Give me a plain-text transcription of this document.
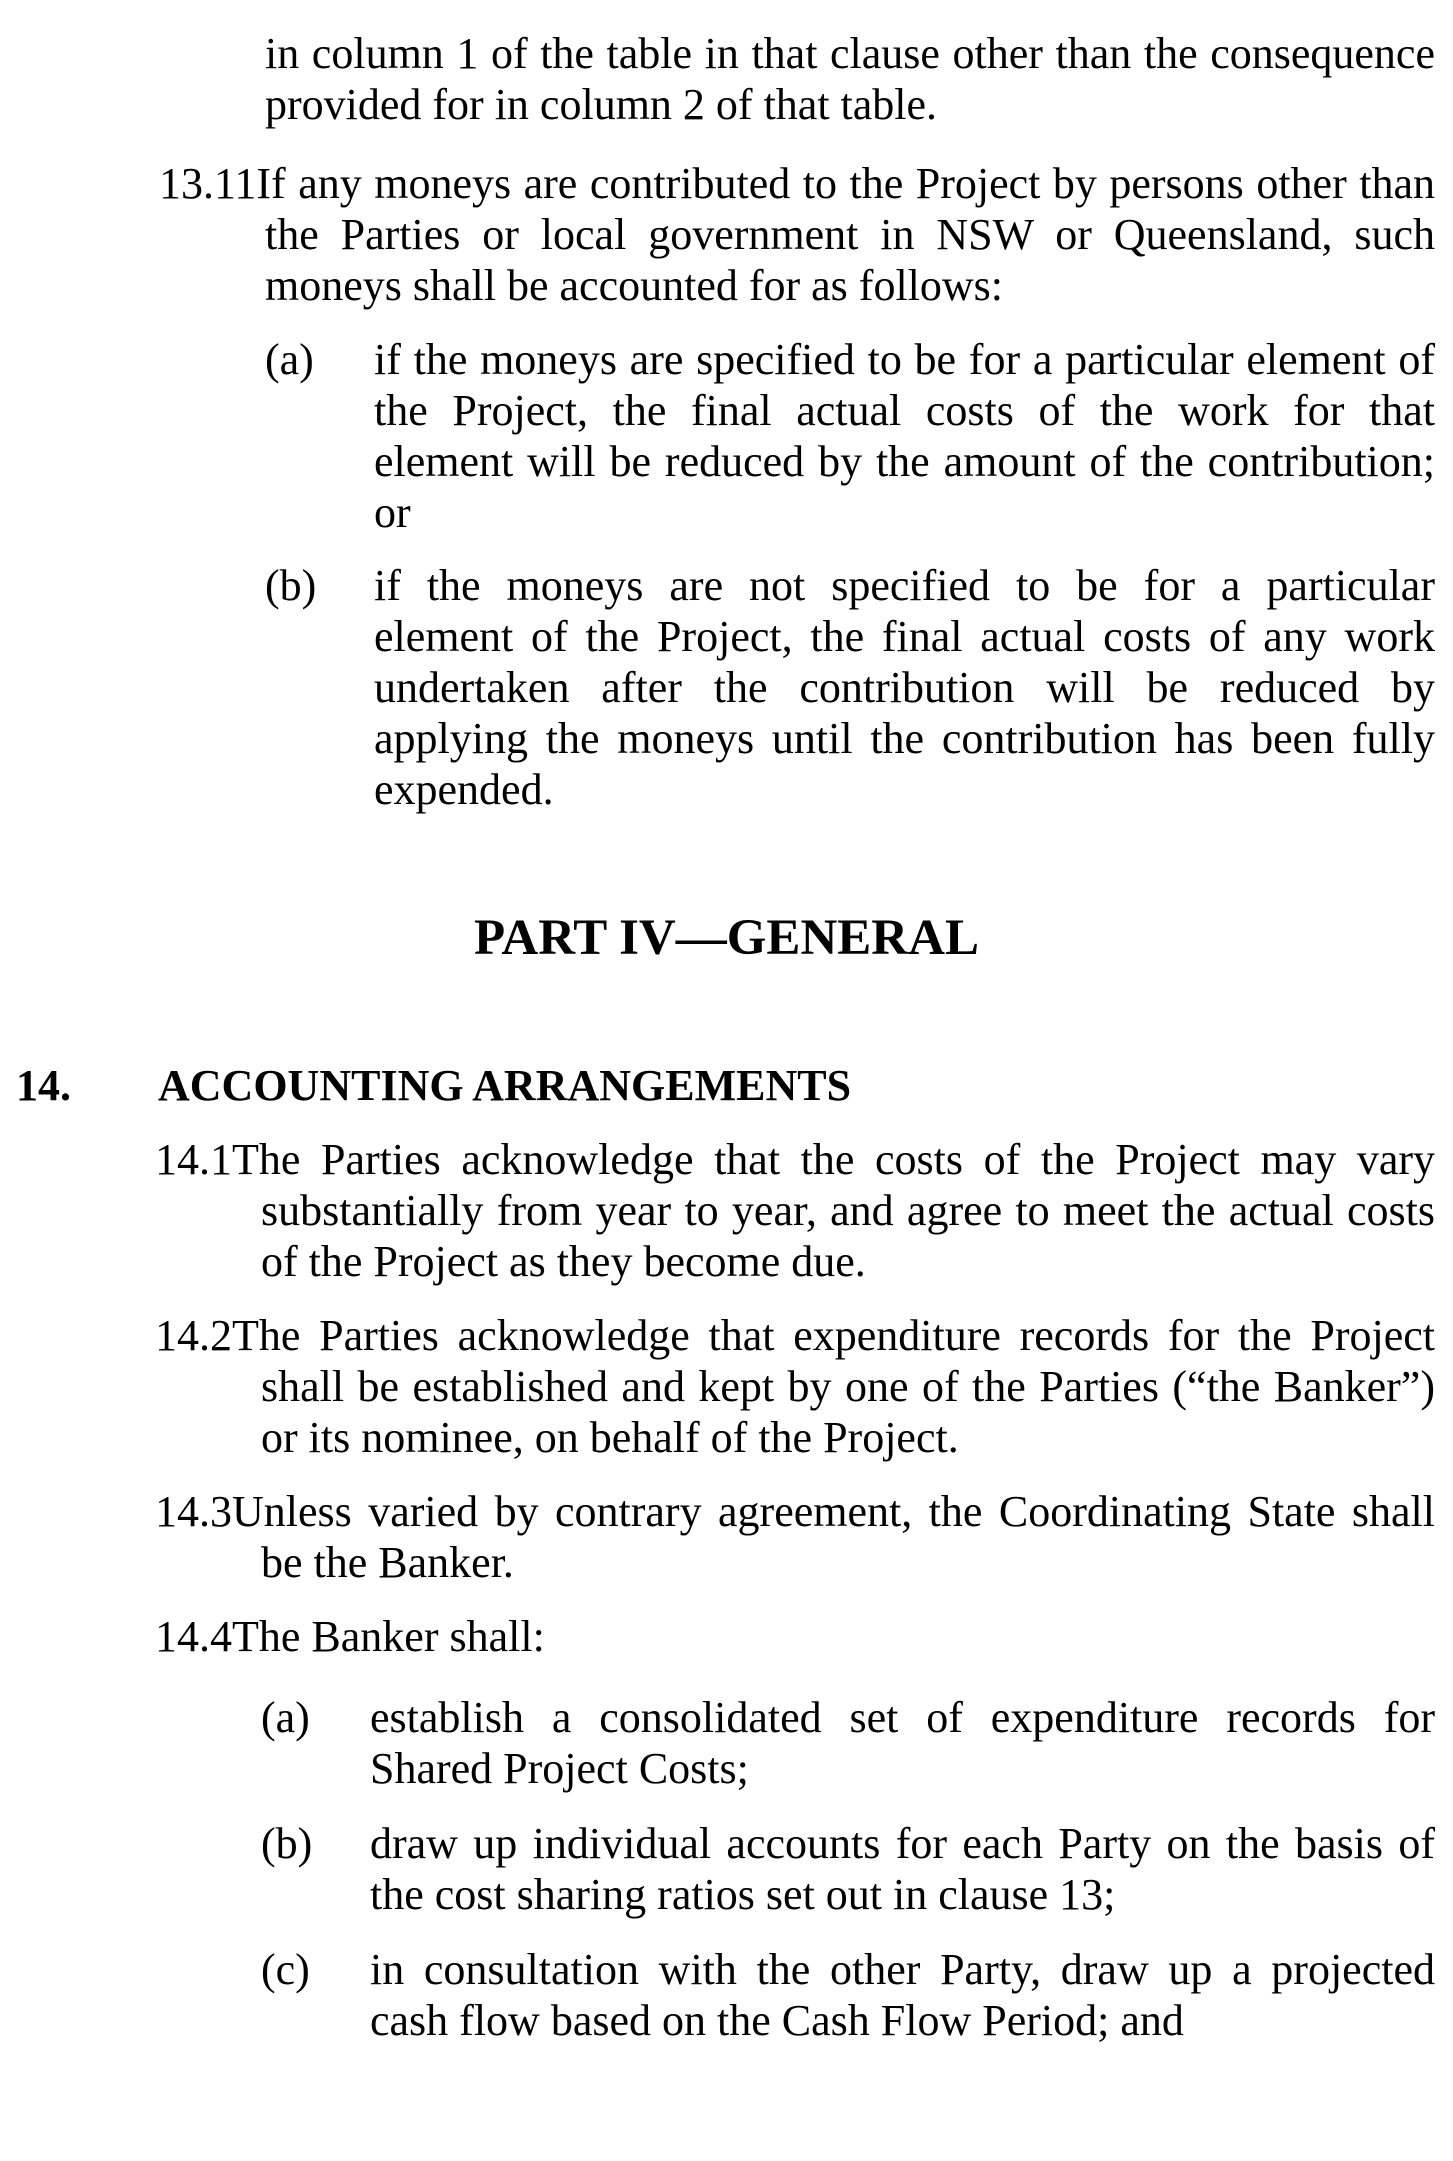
in column 1 of the table in that clause other than the consequence provided for in column 2 of that table.
13.11If any moneys are contributed to the Project by persons other than the Parties or local government in NSW or Queensland, such moneys shall be accounted for as follows:
(a) if the moneys are specified to be for a particular element of the Project, the final actual costs of the work for that element will be reduced by the amount of the contribution; or
(b) if the moneys are not specified to be for a particular element of the Project, the final actual costs of any work undertaken after the contribution will be reduced by applying the moneys until the contribution has been fully expended.
PART IV—GENERAL
14. ACCOUNTING ARRANGEMENTS
14.1The Parties acknowledge that the costs of the Project may vary substantially from year to year, and agree to meet the actual costs of the Project as they become due.
14.2The Parties acknowledge that expenditure records for the Project shall be established and kept by one of the Parties (“the Banker”) or its nominee, on behalf of the Project.
14.3Unless varied by contrary agreement, the Coordinating State shall be the Banker.
14.4The Banker shall:
(a) establish a consolidated set of expenditure records for Shared Project Costs;
(b) draw up individual accounts for each Party on the basis of the cost sharing ratios set out in clause 13;
(c) in consultation with the other Party, draw up a projected cash flow based on the Cash Flow Period; and
